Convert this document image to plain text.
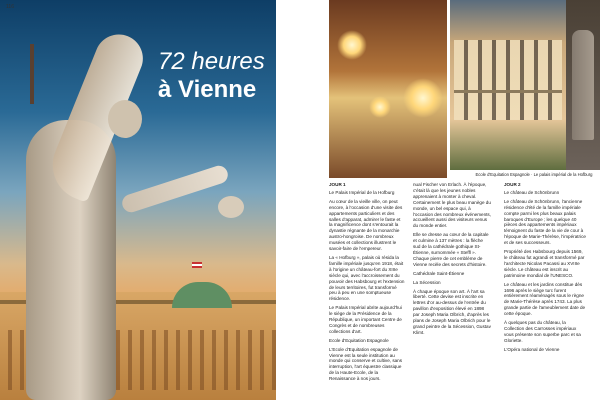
116
72 heures
à Vienne
Ecole d'Equitation Espagnole · Le palais impérial de la Hofburg

JOUR 1

Le Palais Impérial de la Hofburg

Au cœur de la vieille ville, on peut encore, à l'occasion d'une visite des appartements particuliers et des salles d'apparat, admirer le faste et la magnificence dont s'entourait la dynastie régnante de la monarchie austro-hongroise. De nombreux musées et collections illustrent le savoir-faire de l'empereur.

La « Hofburg », palais où résida la famille impériale jusqu'en 1918, était à l'origine un château-fort du XIIIe siècle qui, avec l'accroissement du pouvoir des Habsbourg et l'extension de leurs territoires, fut transformé peu à peu en une somptueuse résidence.

Le Palais Impérial abrite aujourd'hui le siège de la Présidence de la République, un important Centre de Congrès et de nombreuses collections d'art.

Ecole d'Equitation Espagnole

L'Ecole d'Equitation espagnole de Vienne est la seule institution au monde qui conserve et cultive, sans interruption, l'art équestre classique de la Haute-Ecole, de la Renaissance à nos jours.

nual Fischer von Erlach. À l'époque, c'était là que les jeunes nobles apprenaient à monter à cheval. Certainement le plus beau manège du monde, un bel espace qui, à l'occasion des nombreux événements, accueillent aussi des visiteurs venus du monde entier.

Elle se dresse au cœur de la capitale et culmine à 137 mètres : la flèche sud de la cathédrale gothique St-Étienne, surnommée « Steffl ». Chaque pierre de cet emblème de Vienne recèle des secrets d'histoire.

Cathédrale Saint-Étienne

La Sécession

À chaque époque son art. À l'art sa liberté. Cette devise est inscrite en lettres d'or au-dessus de l'entrée du pavillon d'exposition élevé en 1898 par Joseph Maria Olbrich, d'après les plans de Joseph Maria Olbrich pour le grand peintre de la Sécession, Gustav Klimt.

JOUR 2

Le château de Schönbrunn

Le château de Schönbrunn, l'ancienne résidence d'été de la famille impériale compte parmi les plus beaux palais baroques d'Europe ; les quelque 40 pièces des appartements impériaux témoignent du faste de la vie de cour à l'époque de Marie-Thérèse, l'impératrice et de ses successeurs.

Propriété des Habsbourg depuis 1569, le château fut agrandi et transformé par l'architecte Nicolas Pacassi au XVIIIe siècle. Le château est inscrit au patrimoine mondial de l'UNESCO.

Le château et les jardins constitue dès 1696 après le siège turc furent entièrement réaménagés sous le règne de Marie-Thérèse après 1743. La plus grande partie de l'ameublement date de cette époque.

À quelques pas du château, la Collection des Carrosses impériaux vous présente son superbe parc et sa Gloriette.

L'Opéra national de Vienne
